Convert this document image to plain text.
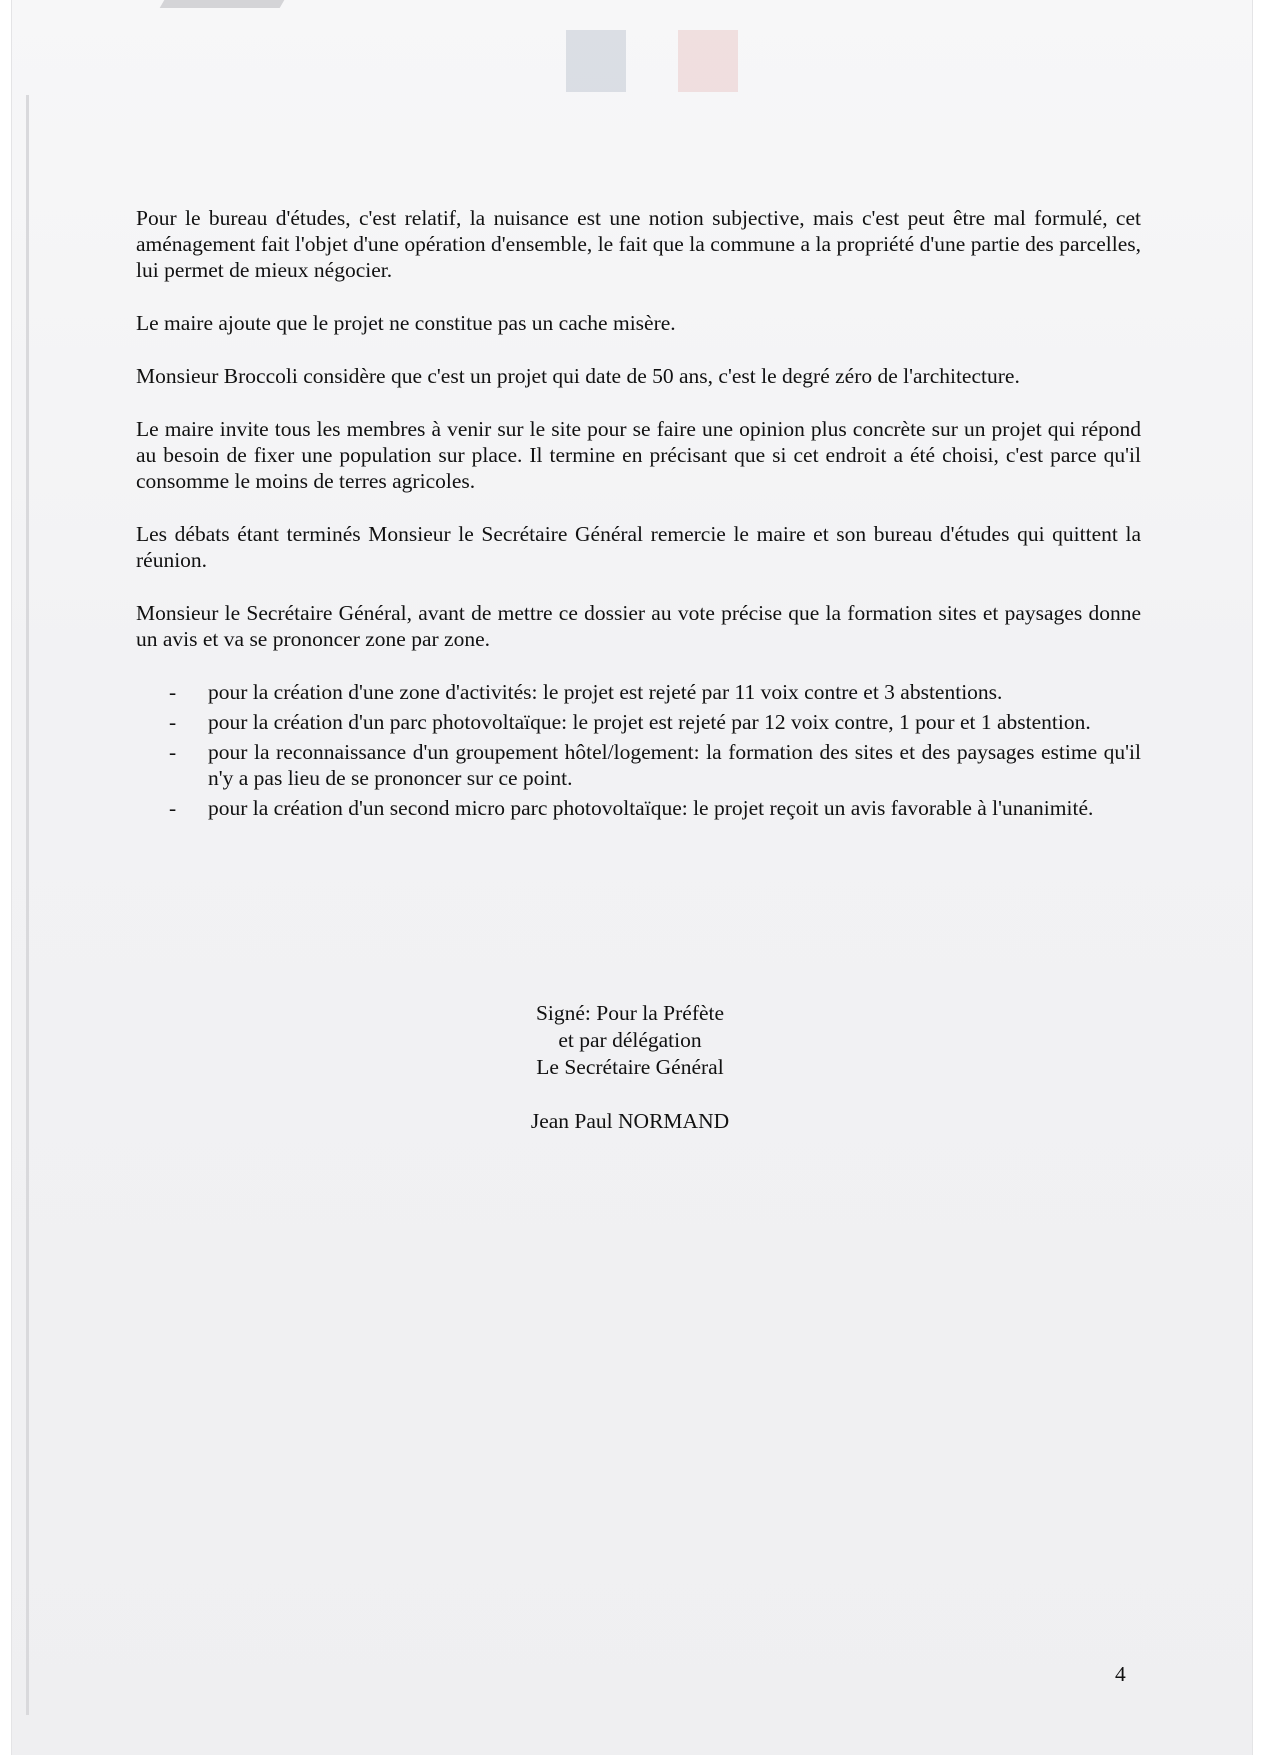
Pour le bureau d'études, c'est relatif, la nuisance est une notion subjective, mais c'est peut être mal formulé, cet aménagement fait l'objet d'une opération d'ensemble, le fait que la commune a la propriété d'une partie des parcelles, lui permet de mieux négocier.

Le maire ajoute que le projet ne constitue pas un cache misère.

Monsieur Broccoli considère que c'est un projet qui date de 50 ans, c'est le degré zéro de l'architecture.

Le maire invite tous les membres à venir sur le site pour se faire une opinion plus concrète sur un projet qui répond au besoin de fixer une population sur place. Il termine en précisant que si cet endroit a été choisi, c'est parce qu'il consomme le moins de terres agricoles.

Les débats étant terminés Monsieur le Secrétaire Général remercie le maire et son bureau d'études qui quittent la réunion.

Monsieur le Secrétaire Général, avant de mettre ce dossier au vote précise que la formation sites et paysages donne un avis et va se prononcer zone par zone.

- pour la création d'une zone d'activités: le projet est rejeté par 11 voix contre et 3 abstentions.
- pour la création d'un parc photovoltaïque: le projet est rejeté par 12 voix contre, 1 pour et 1 abstention.
- pour la reconnaissance d'un groupement hôtel/logement: la formation des sites et des paysages estime qu'il n'y a pas lieu de se prononcer sur ce point.
- pour la création d'un second micro parc photovoltaïque: le projet reçoit un avis favorable à l'unanimité.
Signé: Pour la Préfète
et par délégation
Le Secrétaire Général
Jean Paul NORMAND
4
